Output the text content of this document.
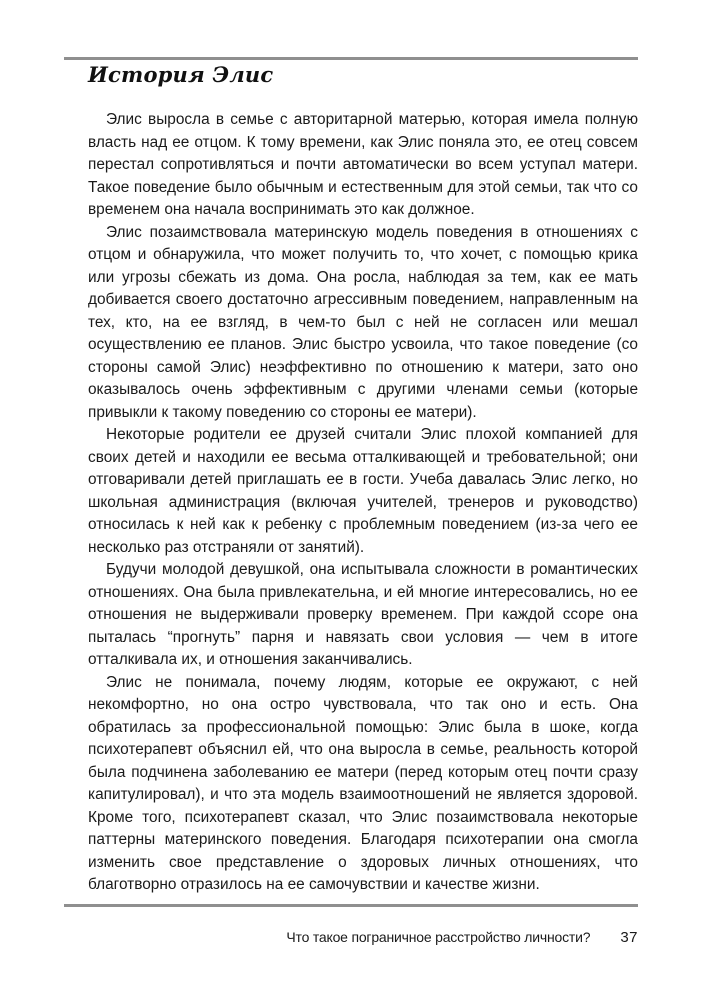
История Элис

Элис выросла в семье с авторитарной матерью, которая имела полную власть над ее отцом. К тому времени, как Элис поняла это, ее отец совсем перестал сопротивляться и почти автоматически во всем уступал матери. Такое поведение было обычным и естественным для этой семьи, так что со временем она начала воспринимать это как должное.

Элис позаимствовала материнскую модель поведения в отношениях с отцом и обнаружила, что может получить то, что хочет, с помощью крика или угрозы сбежать из дома. Она росла, наблюдая за тем, как ее мать добивается своего достаточно агрессивным поведением, направленным на тех, кто, на ее взгляд, в чем-то был с ней не согласен или мешал осуществлению ее планов. Элис быстро усвоила, что такое поведение (со стороны самой Элис) неэффективно по отношению к матери, зато оно оказывалось очень эффективным с другими членами семьи (которые привыкли к такому поведению со стороны ее матери).

Некоторые родители ее друзей считали Элис плохой компанией для своих детей и находили ее весьма отталкивающей и требовательной; они отговаривали детей приглашать ее в гости. Учеба давалась Элис легко, но школьная администрация (включая учителей, тренеров и руководство) относилась к ней как к ребенку с проблемным поведением (из-за чего ее несколько раз отстраняли от занятий).

Будучи молодой девушкой, она испытывала сложности в романтических отношениях. Она была привлекательна, и ей многие интересовались, но ее отношения не выдерживали проверку временем. При каждой ссоре она пыталась “прогнуть” парня и навязать свои условия — чем в итоге отталкивала их, и отношения заканчивались.

Элис не понимала, почему людям, которые ее окружают, с ней некомфортно, но она остро чувствовала, что так оно и есть. Она обратилась за профессиональной помощью: Элис была в шоке, когда психотерапевт объяснил ей, что она выросла в семье, реальность которой была подчинена заболеванию ее матери (перед которым отец почти сразу капитулировал), и что эта модель взаимоотношений не является здоровой. Кроме того, психотерапевт сказал, что Элис позаимствовала некоторые паттерны материнского поведения. Благодаря психотерапии она смогла изменить свое представление о здоровых личных отношениях, что благотворно отразилось на ее самочувствии и качестве жизни.

Что такое пограничное расстройство личности? 37
